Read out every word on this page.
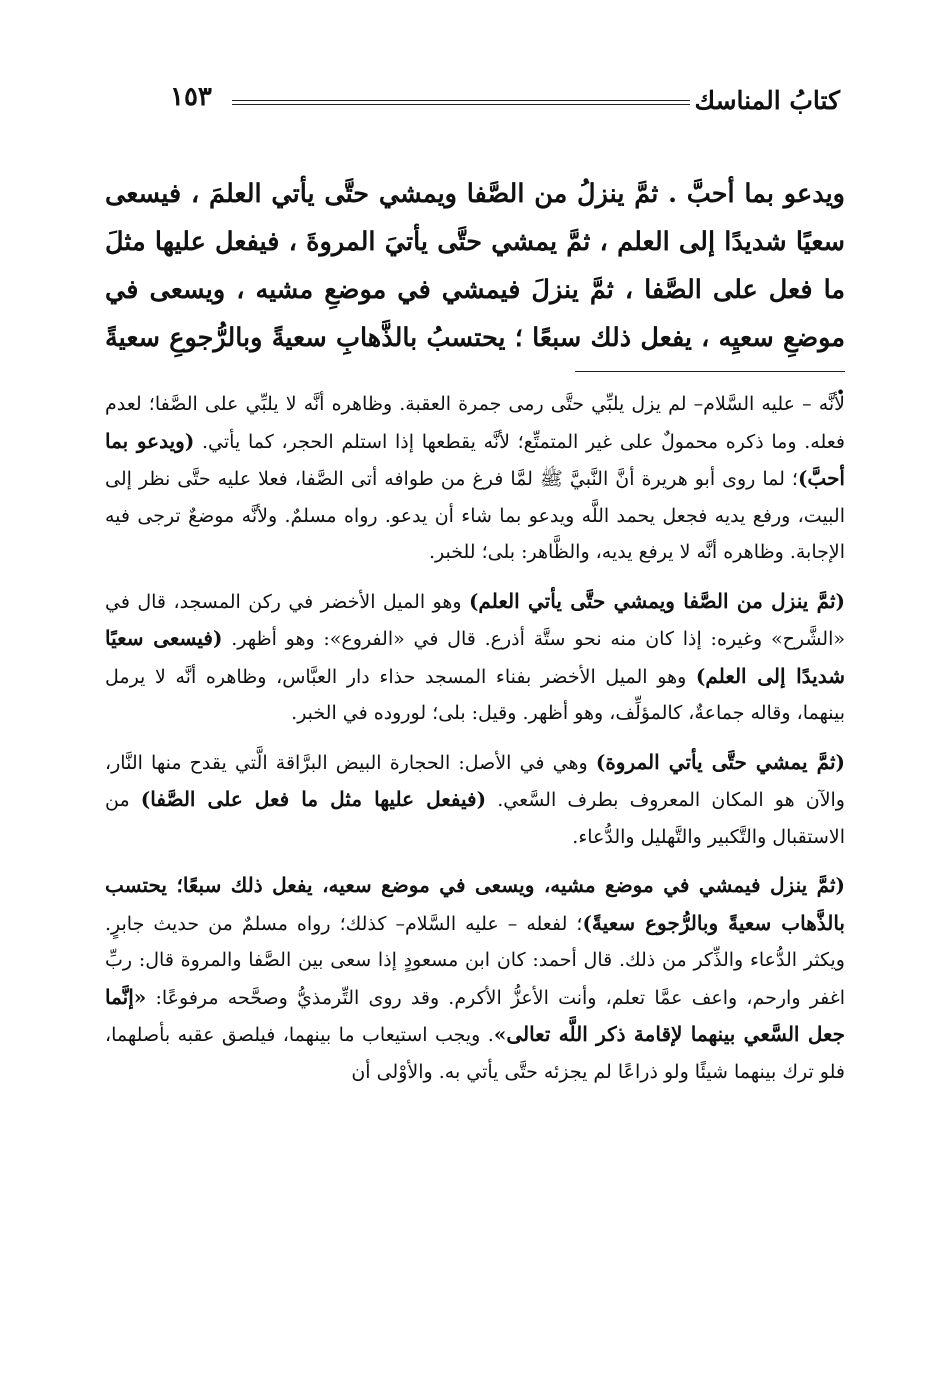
كتابُ المناسك
١٥٣

ويدعو بما أحبَّ . ثمَّ ينزلُ من الصَّفا ويمشي حتَّى يأتي العلمَ ، فيسعى سعيًا شديدًا إلى العلم ، ثمَّ يمشي حتَّى يأتيَ المروةَ ، فيفعل عليها مثلَ ما فعل على الصَّفا ، ثمَّ ينزلَ فيمشي في موضعِ مشيه ، ويسعى في موضعِ سعيِه ، يفعل ذلك سبعًا ؛ يحتسبُ بالذَّهابِ سعيةً وبالرُّجوعِ سعيةً .

لأنَّه – عليه السَّلام– لم يزل يلبِّي حتَّى رمى جمرة العقبة. وظاهره أنَّه لا يلبِّي على الصَّفا؛ لعدم فعله. وما ذكره محمولٌ على غير المتمتِّع؛ لأنَّه يقطعها إذا استلم الحجر، كما يأتي. (ويدعو بما أحبَّ)؛ لما روى أبو هريرة أنَّ النَّبيَّ ﷺ لمَّا فرغ من طوافه أتى الصَّفا، فعلا عليه حتَّى نظر إلى البيت، ورفع يديه فجعل يحمد اللَّه ويدعو بما شاء أن يدعو. رواه مسلمٌ. ولأنَّه موضعٌ ترجى فيه الإجابة. وظاهره أنَّه لا يرفع يديه، والظَّاهر: بلى؛ للخبر.

(ثمَّ ينزل من الصَّفا ويمشي حتَّى يأتي العلم) وهو الميل الأخضر في ركن المسجد، قال في «الشَّرح» وغيره: إذا كان منه نحو ستَّة أذرع. قال في «الفروع»: وهو أظهر. (فيسعى سعيًا شديدًا إلى العلم) وهو الميل الأخضر بفناء المسجد حذاء دار العبَّاس، وظاهره أنَّه لا يرمل بينهما، وقاله جماعةٌ، كالمؤلِّف، وهو أظهر. وقيل: بلى؛ لوروده في الخبر.

(ثمَّ يمشي حتَّى يأتي المروة) وهي في الأصل: الحجارة البيض البرَّاقة الَّتي يقدح منها النَّار، والآن هو المكان المعروف بطرف السَّعي. (فيفعل عليها مثل ما فعل على الصَّفا) من الاستقبال والتَّكبير والتَّهليل والدُّعاء.

(ثمَّ ينزل فيمشي في موضع مشيه، ويسعى في موضع سعيه، يفعل ذلك سبعًا؛ يحتسب بالذَّهاب سعيةً وبالرُّجوع سعيةً)؛ لفعله – عليه السَّلام– كذلك؛ رواه مسلمٌ من حديث جابرٍ. ويكثر الدُّعاء والذِّكر من ذلك. قال أحمد: كان ابن مسعودٍ إذا سعى بين الصَّفا والمروة قال: ربِّ اغفر وارحم، واعف عمَّا تعلم، وأنت الأعزُّ الأكرم. وقد روى التِّرمذيُّ وصحَّحه مرفوعًا: «إنَّما جعل السَّعي بينهما لإقامة ذكر اللَّه تعالى». ويجب استيعاب ما بينهما، فيلصق عقبه بأصلهما، فلو ترك بينهما شيئًا ولو ذراعًا لم يجزئه حتَّى يأتي به. والأوْلى أن
